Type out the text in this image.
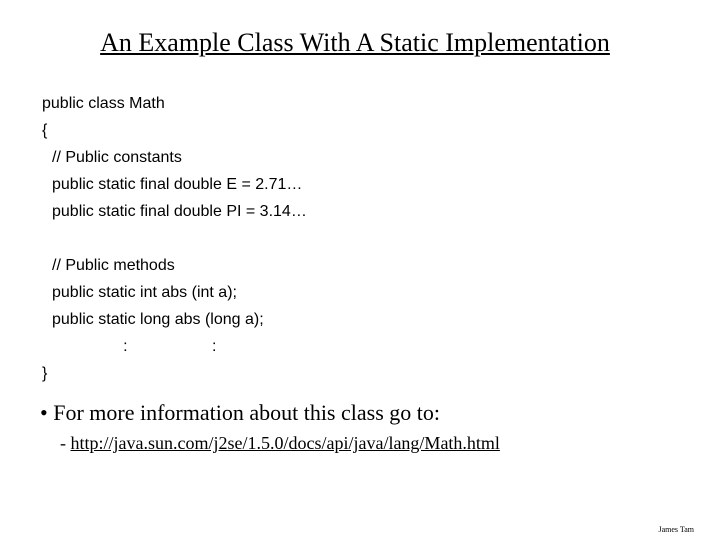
An Example Class With A Static Implementation
public class Math
{
// Public constants
public static final double E = 2.71…
public static final double PI = 3.14…
// Public methods
public static int abs (int a);
public static long abs (long a);
:                   :
}
• For more information about this class go to:
- http://java.sun.com/j2se/1.5.0/docs/api/java/lang/Math.html
James Tam
